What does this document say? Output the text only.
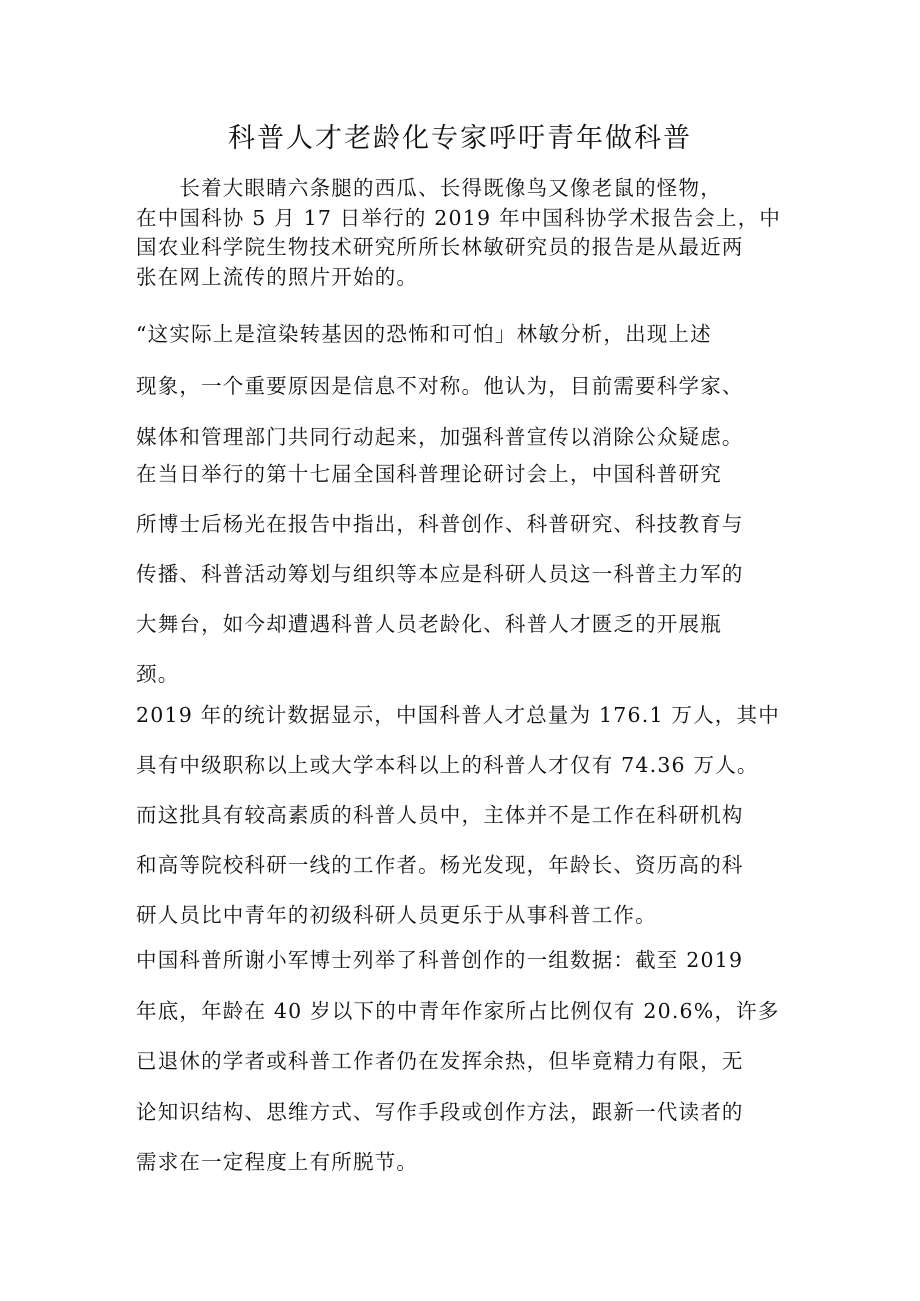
科普人才老龄化专家呼吁青年做科普
　　长着大眼睛六条腿的西瓜、长得既像鸟又像老鼠的怪物，
在中国科协 5 月 17 日举行的 2019 年中国科协学术报告会上，中
国农业科学院生物技术研究所所长林敏研究员的报告是从最近两
张在网上流传的照片开始的。
“这实际上是渲染转基因的恐怖和可怕」林敏分析，出现上述
现象，一个重要原因是信息不对称。他认为，目前需要科学家、
媒体和管理部门共同行动起来，加强科普宣传以消除公众疑虑。
在当日举行的第十七届全国科普理论研讨会上，中国科普研究
所博士后杨光在报告中指出，科普创作、科普研究、科技教育与
传播、科普活动筹划与组织等本应是科研人员这一科普主力军的
大舞台，如今却遭遇科普人员老龄化、科普人才匮乏的开展瓶
颈。
2019 年的统计数据显示，中国科普人才总量为 176.1 万人，其中
具有中级职称以上或大学本科以上的科普人才仅有 74.36 万人。
而这批具有较高素质的科普人员中，主体并不是工作在科研机构
和高等院校科研一线的工作者。杨光发现，年龄长、资历高的科
研人员比中青年的初级科研人员更乐于从事科普工作。
中国科普所谢小军博士列举了科普创作的一组数据：截至 2019
年底，年龄在 40 岁以下的中青年作家所占比例仅有 20.6%，许多
已退休的学者或科普工作者仍在发挥余热，但毕竟精力有限，无
论知识结构、思维方式、写作手段或创作方法，跟新一代读者的
需求在一定程度上有所脱节。
